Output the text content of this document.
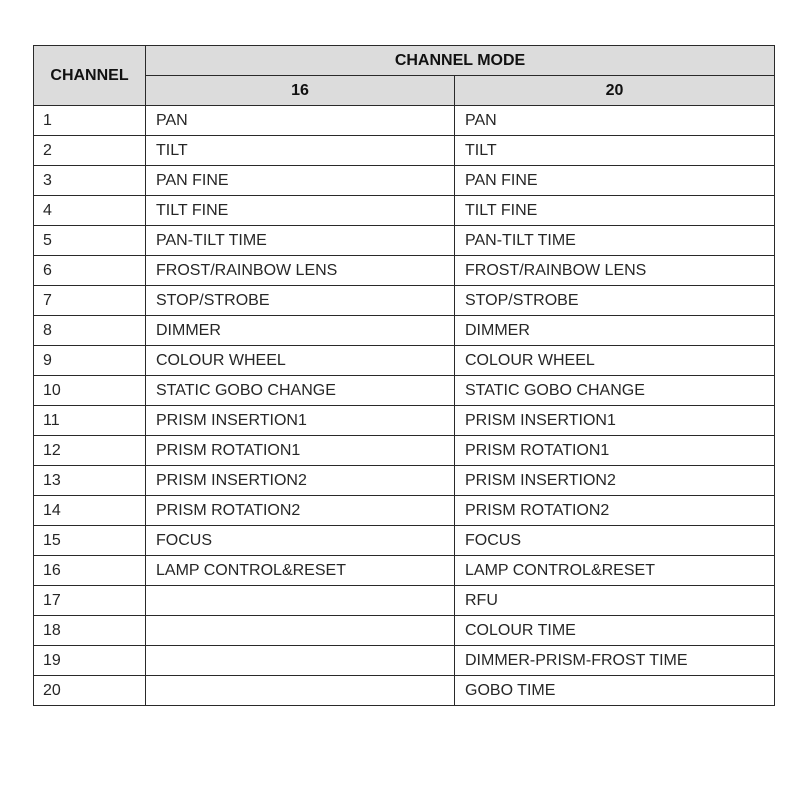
CHANNEL	CHANNEL MODE	
	16	20
1	PAN	PAN
2	TILT	TILT
3	PAN FINE	PAN FINE
4	TILT FINE	TILT FINE
5	PAN-TILT TIME	PAN-TILT TIME
6	FROST/RAINBOW LENS	FROST/RAINBOW LENS
7	STOP/STROBE	STOP/STROBE
8	DIMMER	DIMMER
9	COLOUR WHEEL	COLOUR WHEEL
10	STATIC GOBO CHANGE	STATIC GOBO CHANGE
11	PRISM INSERTION1	PRISM INSERTION1
12	PRISM ROTATION1	PRISM ROTATION1
13	PRISM INSERTION2	PRISM INSERTION2
14	PRISM ROTATION2	PRISM ROTATION2
15	FOCUS	FOCUS
16	LAMP CONTROL&RESET	LAMP CONTROL&RESET
17		RFU
18		COLOUR TIME
19		DIMMER-PRISM-FROST TIME
20		GOBO TIME
